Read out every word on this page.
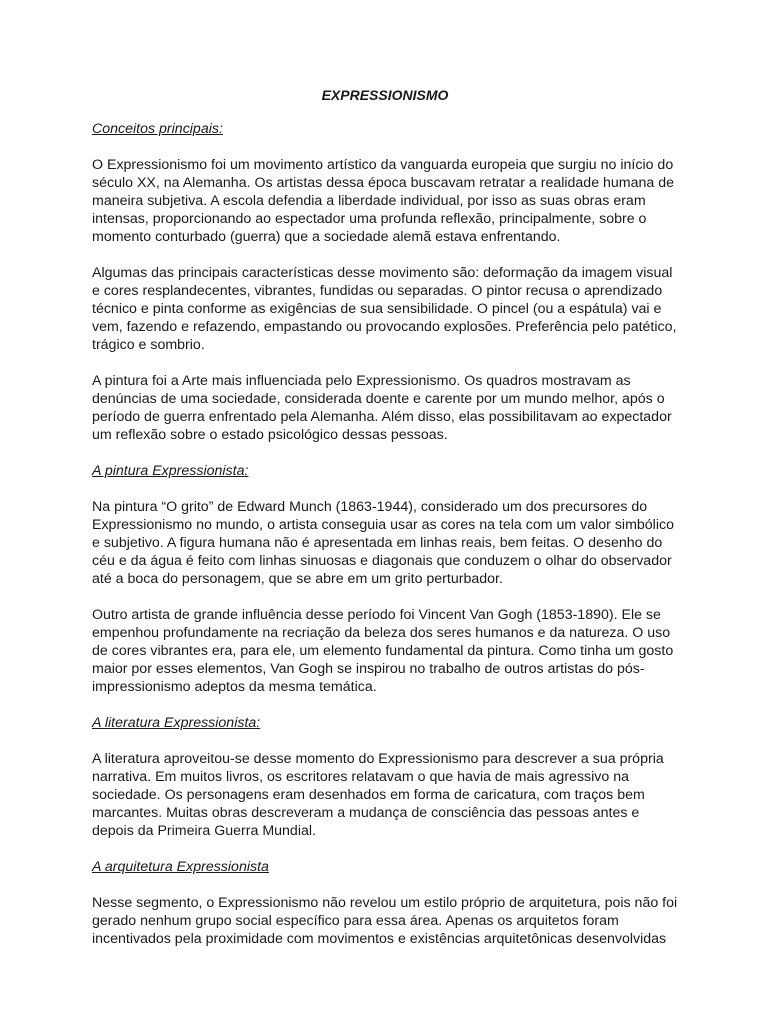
EXPRESSIONISMO
Conceitos principais:

O Expressionismo foi um movimento artístico da vanguarda europeia que surgiu no início do século XX, na Alemanha. Os artistas dessa época buscavam retratar a realidade humana de maneira subjetiva. A escola defendia a liberdade individual, por isso as suas obras eram intensas, proporcionando ao espectador uma profunda reflexão, principalmente, sobre o momento conturbado (guerra) que a sociedade alemã estava enfrentando.

Algumas das principais características desse movimento são: deformação da imagem visual e cores resplandecentes, vibrantes, fundidas ou separadas. O pintor recusa o aprendizado técnico e pinta conforme as exigências de sua sensibilidade. O pincel (ou a espátula) vai e vem, fazendo e refazendo, empastando ou provocando explosões. Preferência pelo patético, trágico e sombrio.

A pintura foi a Arte mais influenciada pelo Expressionismo. Os quadros mostravam as denúncias de uma sociedade, considerada doente e carente por um mundo melhor, após o período de guerra enfrentado pela Alemanha. Além disso, elas possibilitavam ao expectador um reflexão sobre o estado psicológico dessas pessoas.

A pintura Expressionista:

Na pintura “O grito” de Edward Munch (1863-1944), considerado um dos precursores do Expressionismo no mundo, o artista conseguia usar as cores na tela com um valor simbólico e subjetivo. A figura humana não é apresentada em linhas reais, bem feitas. O desenho do céu e da água é feito com linhas sinuosas e diagonais que conduzem o olhar do observador até a boca do personagem, que se abre em um grito perturbador.

Outro artista de grande influência desse período foi Vincent Van Gogh (1853-1890). Ele se empenhou profundamente na recriação da beleza dos seres humanos e da natureza. O uso de cores vibrantes era, para ele, um elemento fundamental da pintura. Como tinha um gosto maior por esses elementos, Van Gogh se inspirou no trabalho de outros artistas do pós-impressionismo adeptos da mesma temática.

A literatura Expressionista:

A literatura aproveitou-se desse momento do Expressionismo para descrever a sua própria narrativa. Em muitos livros, os escritores relatavam o que havia de mais agressivo na sociedade. Os personagens eram desenhados em forma de caricatura, com traços bem marcantes. Muitas obras descreveram a mudança de consciência das pessoas antes e depois da Primeira Guerra Mundial.

A arquitetura Expressionista

Nesse segmento, o Expressionismo não revelou um estilo próprio de arquitetura, pois não foi gerado nenhum grupo social específico para essa área. Apenas os arquitetos foram incentivados pela proximidade com movimentos e existências arquitetônicas desenvolvidas
